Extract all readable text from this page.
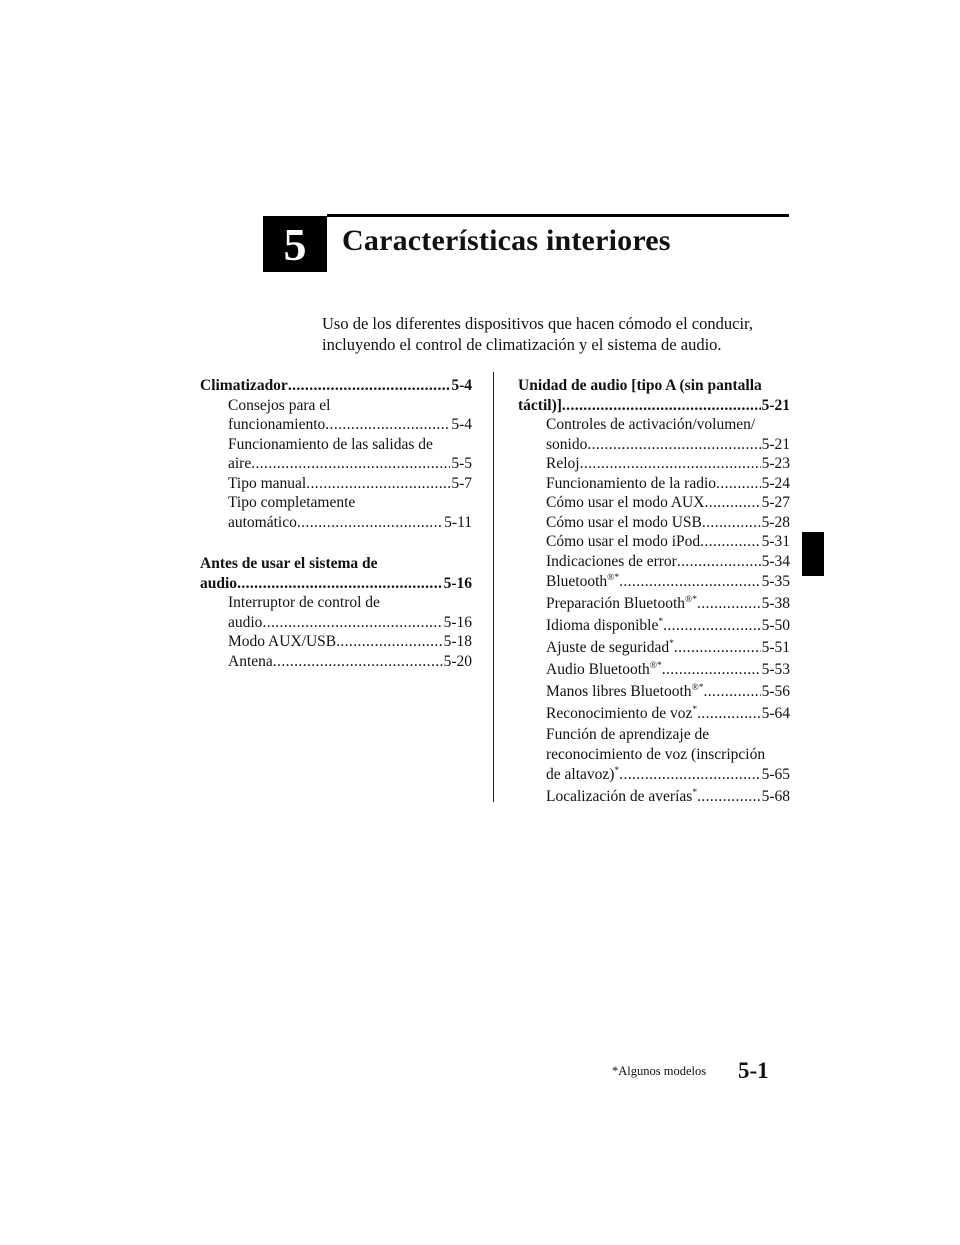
5 Características interiores
Uso de los diferentes dispositivos que hacen cómodo el conducir,
incluyendo el control de climatización y el sistema de audio.
Climatizador .....	5-4
Consejos para el
funcionamiento .....	5-4
Funcionamiento de las salidas de
aire .....	5-5
Tipo manual .....	5-7
Tipo completamente
automático .....	5-11
Antes de usar el sistema de
audio .....	5-16
Interruptor de control de
audio .....	5-16
Modo AUX/USB .....	5-18
Antena .....	5-20
Unidad de audio [tipo A (sin pantalla
táctil)] .....	5-21
Controles de activación/volumen/
sonido .....	5-21
Reloj .....	5-23
Funcionamiento de la radio .....	5-24
Cómo usar el modo AUX .....	5-27
Cómo usar el modo USB .....	5-28
Cómo usar el modo iPod .....	5-31
Indicaciones de error .....	5-34
Bluetooth®* .....	5-35
Preparación Bluetooth®* .....	5-38
Idioma disponible* .....	5-50
Ajuste de seguridad* .....	5-51
Audio Bluetooth®* .....	5-53
Manos libres Bluetooth®* .....	5-56
Reconocimiento de voz* .....	5-64
Función de aprendizaje de
reconocimiento de voz (inscripción
de altavoz)* .....	5-65
Localización de averías* .....	5-68
*Algunos modelos 5-1
